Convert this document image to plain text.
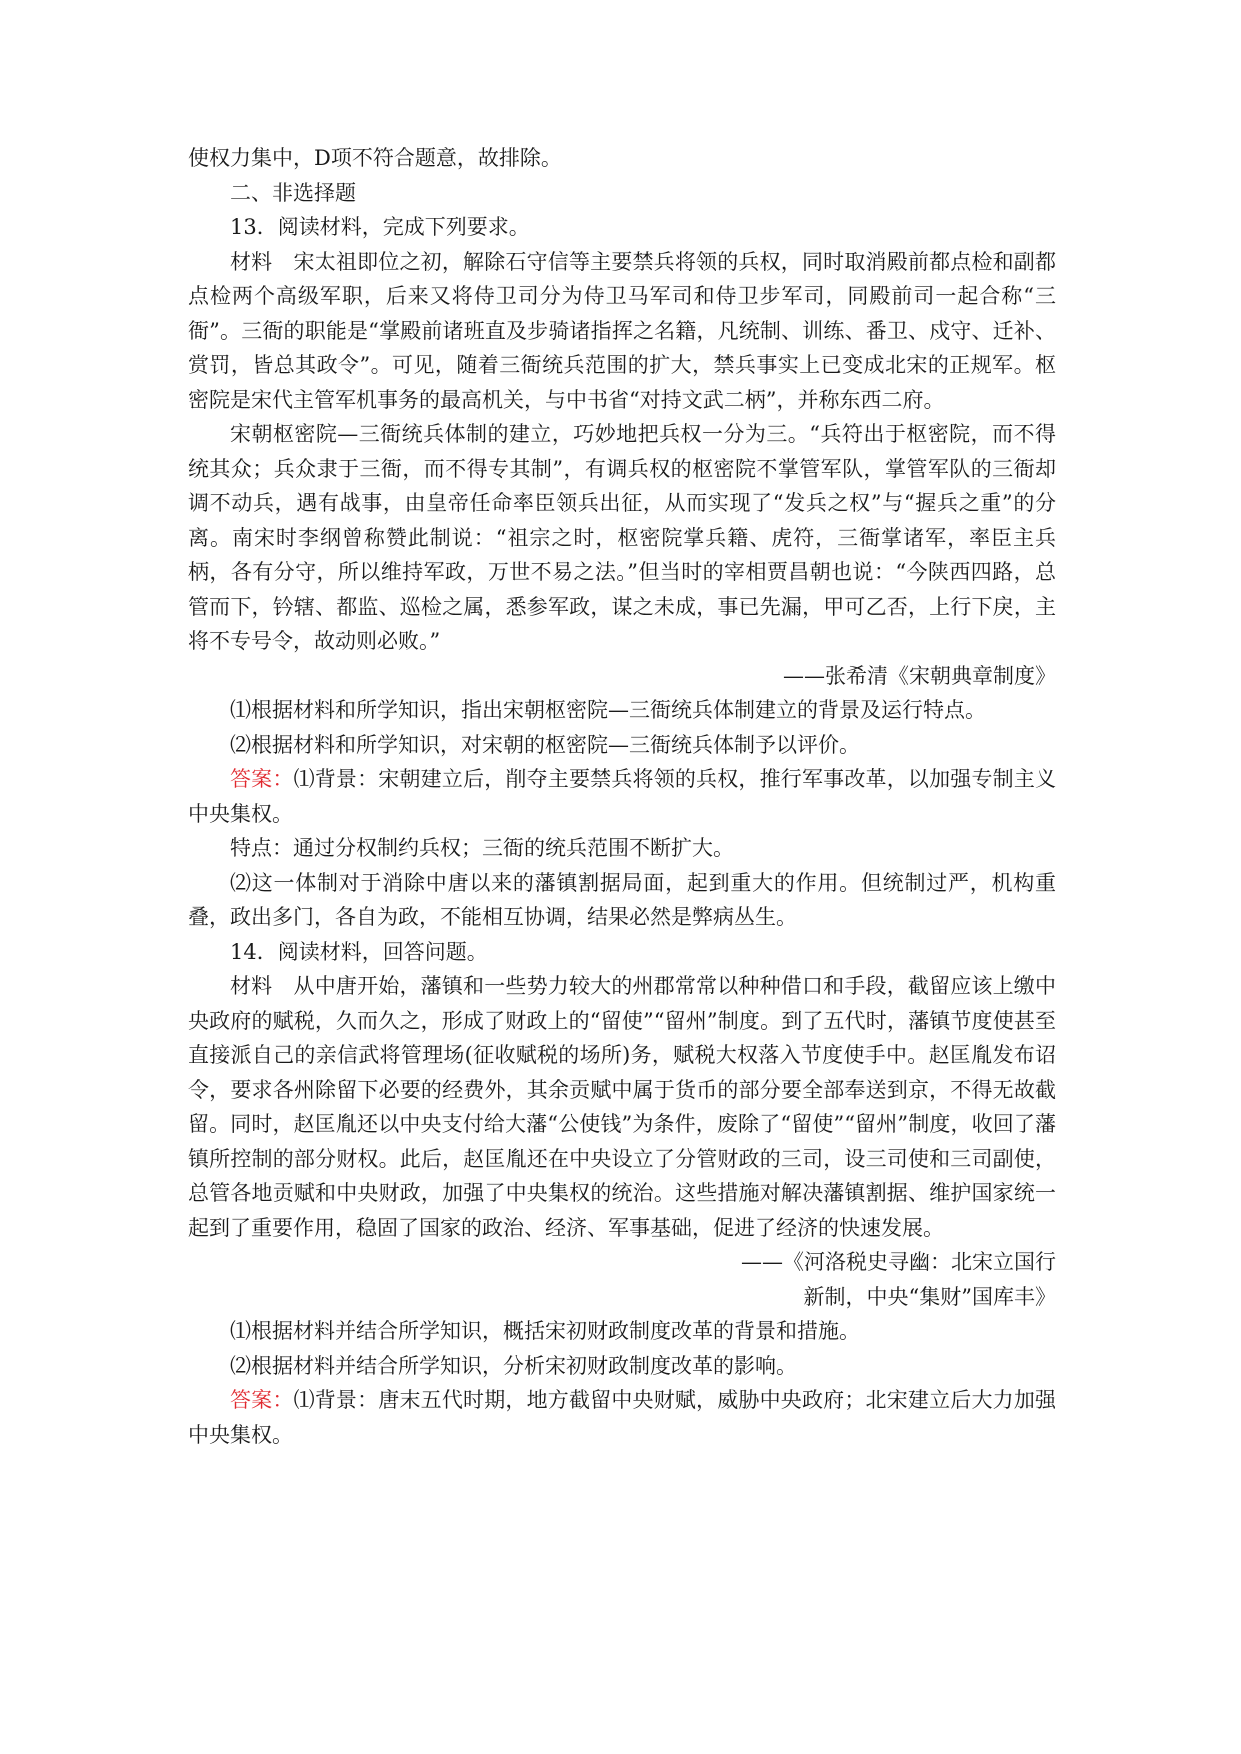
使权力集中，D项不符合题意，故排除。

二、非选择题

13．阅读材料，完成下列要求。

材料　宋太祖即位之初，解除石守信等主要禁兵将领的兵权，同时取消殿前都点检和副都点检两个高级军职，后来又将侍卫司分为侍卫马军司和侍卫步军司，同殿前司一起合称“三衙”。三衙的职能是“掌殿前诸班直及步骑诸指挥之名籍，凡统制、训练、番卫、戍守、迁补、赏罚，皆总其政令”。可见，随着三衙统兵范围的扩大，禁兵事实上已变成北宋的正规军。枢密院是宋代主管军机事务的最高机关，与中书省“对持文武二柄”，并称东西二府。

宋朝枢密院—三衙统兵体制的建立，巧妙地把兵权一分为三。“兵符出于枢密院，而不得统其众；兵众隶于三衙，而不得专其制”，有调兵权的枢密院不掌管军队，掌管军队的三衙却调不动兵，遇有战事，由皇帝任命率臣领兵出征，从而实现了“发兵之权”与“握兵之重”的分离。南宋时李纲曾称赞此制说：“祖宗之时，枢密院掌兵籍、虎符，三衙掌诸军，率臣主兵柄，各有分守，所以维持军政，万世不易之法。”但当时的宰相贾昌朝也说：“今陕西四路，总管而下，钤辖、都监、巡检之属，悉参军政，谋之未成，事已先漏，甲可乙否，上行下戾，主将不专号令，故动则必败。”

——张希清《宋朝典章制度》

⑴根据材料和所学知识，指出宋朝枢密院—三衙统兵体制建立的背景及运行特点。

⑵根据材料和所学知识，对宋朝的枢密院—三衙统兵体制予以评价。

答案：⑴背景：宋朝建立后，削夺主要禁兵将领的兵权，推行军事改革，以加强专制主义中央集权。

特点：通过分权制约兵权；三衙的统兵范围不断扩大。

⑵这一体制对于消除中唐以来的藩镇割据局面，起到重大的作用。但统制过严，机构重叠，政出多门，各自为政，不能相互协调，结果必然是弊病丛生。

14．阅读材料，回答问题。

材料　从中唐开始，藩镇和一些势力较大的州郡常常以种种借口和手段，截留应该上缴中央政府的赋税，久而久之，形成了财政上的“留使”“留州”制度。到了五代时，藩镇节度使甚至直接派自己的亲信武将管理场(征收赋税的场所)务，赋税大权落入节度使手中。赵匡胤发布诏令，要求各州除留下必要的经费外，其余贡赋中属于货币的部分要全部奉送到京，不得无故截留。同时，赵匡胤还以中央支付给大藩“公使钱”为条件，废除了“留使”“留州”制度，收回了藩镇所控制的部分财权。此后，赵匡胤还在中央设立了分管财政的三司，设三司使和三司副使，总管各地贡赋和中央财政，加强了中央集权的统治。这些措施对解决藩镇割据、维护国家统一起到了重要作用，稳固了国家的政治、经济、军事基础，促进了经济的快速发展。

——《河洛税史寻幽：北宋立国行

新制，中央“集财”国库丰》

⑴根据材料并结合所学知识，概括宋初财政制度改革的背景和措施。

⑵根据材料并结合所学知识，分析宋初财政制度改革的影响。

答案：⑴背景：唐末五代时期，地方截留中央财赋，威胁中央政府；北宋建立后大力加强中央集权。
